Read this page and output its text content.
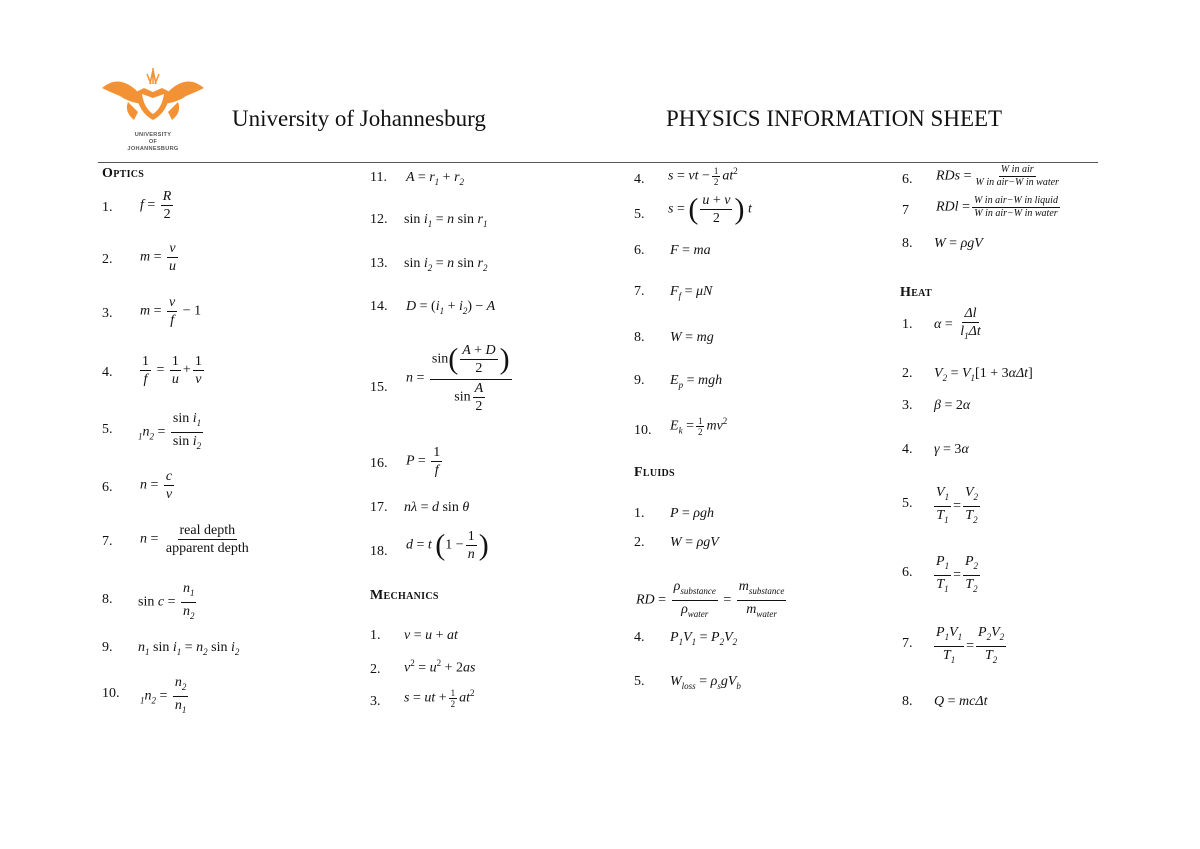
UNIVERSITY
OF
JOHANNESBURG
University of Johannesburg	PHYSICS INFORMATION SHEET
Optics
1. $f = \frac{R}{2}$
2. $m = \frac{v}{u}$
3. $m = \frac{v}{f} - 1$
4. $\frac{1}{f} = \frac{1}{u} + \frac{1}{v}$
5.	$_1n_2 = \frac{\sin i_1}{\sin i_2}$
6. $n = \frac{c}{v}$
7. $n = \frac{\text{real depth}}{\text{apparent depth}}$
8. $\sin c = \frac{n_1}{n_2}$
9. $n_1$ $\sin i_1 = n_2$ $\sin i_2$
10. $_1n_2 = \frac{n_2}{n_1}$
11. $A = r_1 + r_2$
12. $\sin i_1 = n$ $\sin r_1$
13. $\sin i_2 = n$ $\sin r_2$
14. $D = (i_1 + i_2) - A$
15.
$n = \frac{\sin( \frac{A + D}{2} )}{\sin \frac{A}{2}}$
16. $P = \frac{1}{f}$
17. nλ = d sin θ
18. d = t ($1 - \frac{1}{n}$ )
Mechanics
1. v = u + at
2. $v^2 = u^2 + 2as$
3. s = ut + $\frac{1}{2} at^2$
4. s = vt − $\frac{1}{2} at^2$
5. s = ( $\frac{u + v}{2}$ ) t
6. F = ma
7. $F_f = \mu N$
8. W = mg
9. $E_p$ = mgh
10. $E_k = \frac{1}{2} mv^2$
Fluids
1. P = ρgh
2. W = ρgV
RD = $\frac{\rho_{substance}}{\rho_{water}} = \frac{m_{substance}}{m_{water}}$
4. $P_1V_1 = P_2V_2$
5. $W_{loss} = \rho_sgV_b$
6. RDs = $\frac{\text{W in air}}{\text{W in air−W in water}}$
7 RDl = $\frac{\text{W in air−W in liquid}}{\text{W in air−W in water}}$
8. W = ρgV
Heat
1. $\alpha = \frac{\Delta l}{l_1\Delta t}$
2. $V_2 = V_1[1 + 3\alpha\Delta t]$
3. β = 2α
4. γ = 3α
5. $\frac{V_1}{T_1} = \frac{V_2}{T_2}$
6. $\frac{P_1}{T_1} = \frac{P_2}{T_2}$
7. $\frac{P_1V_1}{T_1} = \frac{P_2V_2}{T_2}$
8. Q = mcΔt
